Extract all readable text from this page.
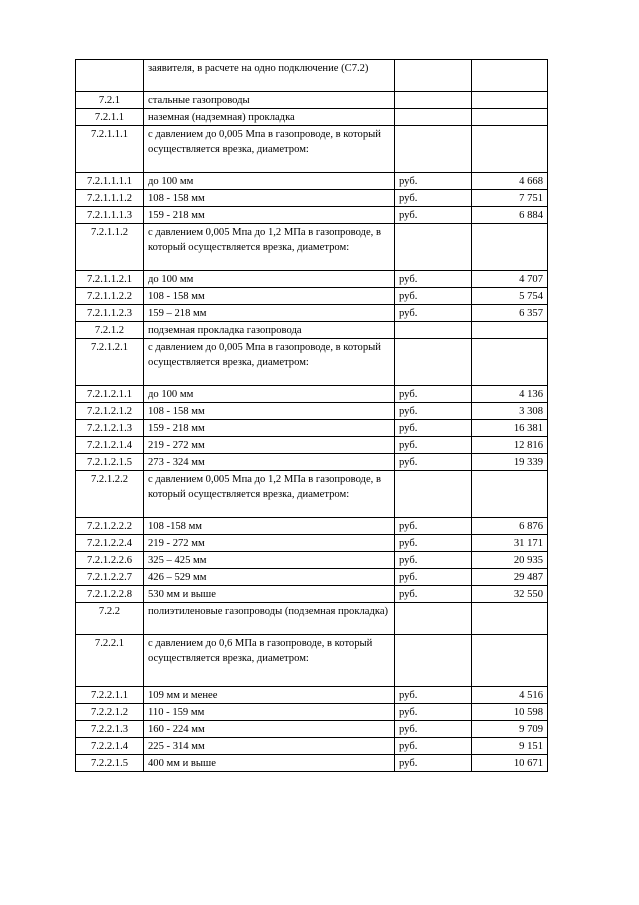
	заявителя, в расчете на одно подключение (С7.2)		
7.2.1	стальные газопроводы		
7.2.1.1	наземная (надземная) прокладка		
7.2.1.1.1	с давлением до 0,005 Мпа в газопроводе, в который осуществляется врезка, диаметром:		
7.2.1.1.1.1	до 100 мм	руб.	4 668
7.2.1.1.1.2	108 - 158 мм	руб.	7 751
7.2.1.1.1.3	159 - 218 мм	руб.	6 884
7.2.1.1.2	с давлением 0,005 Мпа до 1,2 МПа в газопроводе, в который осуществляется врезка, диаметром:		
7.2.1.1.2.1	до 100 мм	руб.	4 707
7.2.1.1.2.2	108 - 158 мм	руб.	5 754
7.2.1.1.2.3	159 – 218 мм	руб.	6 357
7.2.1.2	подземная прокладка газопровода		
7.2.1.2.1	с давлением до 0,005 Мпа в газопроводе, в который осуществляется врезка, диаметром:		
7.2.1.2.1.1	до 100 мм	руб.	4 136
7.2.1.2.1.2	108 - 158 мм	руб.	3 308
7.2.1.2.1.3	159 - 218 мм	руб.	16 381
7.2.1.2.1.4	219 - 272 мм	руб.	12 816
7.2.1.2.1.5	273 - 324 мм	руб.	19 339
7.2.1.2.2	с давлением 0,005 Мпа до 1,2 МПа в газопроводе, в который осуществляется врезка, диаметром:		
7.2.1.2.2.2	108 -158 мм	руб.	6 876
7.2.1.2.2.4	219 - 272 мм	руб.	31 171
7.2.1.2.2.6	325 – 425 мм	руб.	20 935
7.2.1.2.2.7	426 – 529 мм	руб.	29 487
7.2.1.2.2.8	530 мм и выше	руб.	32 550
7.2.2	полиэтиленовые газопроводы (подземная прокладка)		
7.2.2.1	с давлением до 0,6 МПа в газопроводе, в который осуществляется врезка, диаметром:		
7.2.2.1.1	109 мм и менее	руб.	4 516
7.2.2.1.2	110 - 159 мм	руб.	10 598
7.2.2.1.3	160 - 224 мм	руб.	9 709
7.2.2.1.4	225 - 314 мм	руб.	9 151
7.2.2.1.5	400 мм и выше	руб.	10 671
